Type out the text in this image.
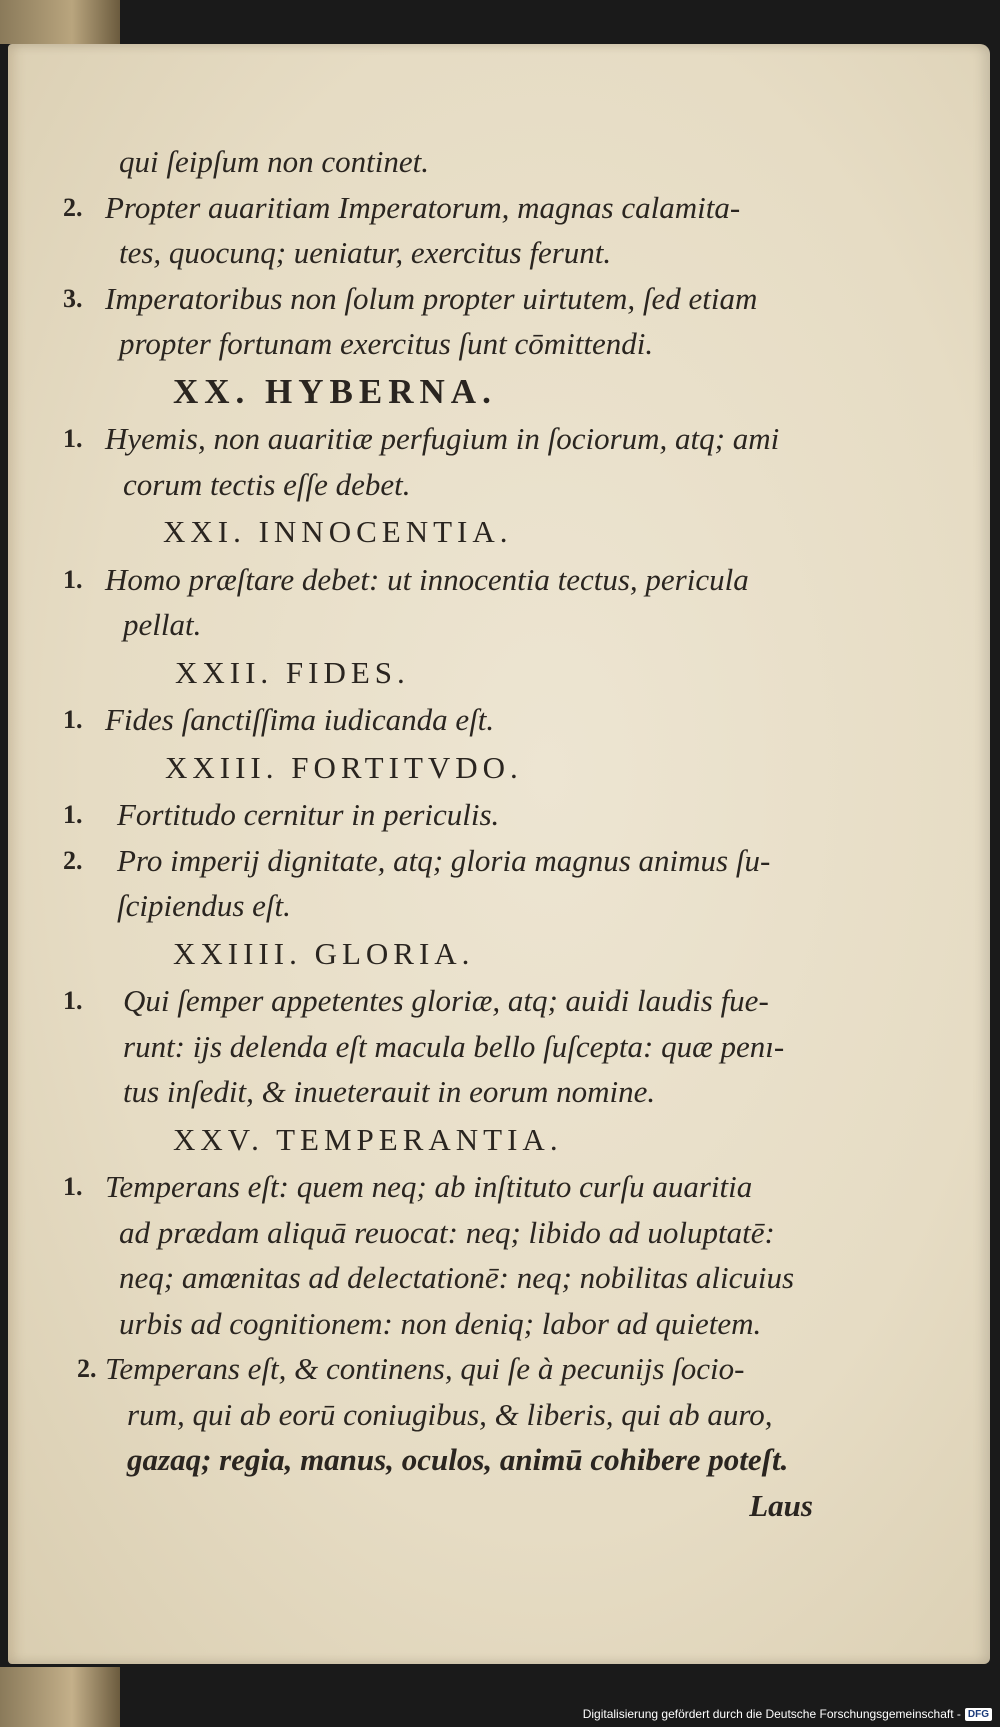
qui ſeipſum non continet.
2. Propter auaritiam Imperatorum, magnas calamita-
tes, quocunq; ueniatur, exercitus ferunt.
3. Imperatoribus non ſolum propter uirtutem, ſed etiam
propter fortunam exercitus ſunt cōmittendi.
XX. HYBERNA.
1. Hyemis, non auaritiæ perfugium in ſociorum, atq; ami
corum tectis eſſe debet.
XXI. INNOCENTIA.
1. Homo præſtare debet: ut innocentia tectus, pericula
pellat.
XXII. FIDES.
1. Fides ſanctiſſima iudicanda eſt.
XXIII. FORTITVDO.
1.	Fortitudo cernitur in periculis.
2.	Pro imperij dignitate, atq; gloria magnus animus ſu-
ſcipiendus eſt.
XXIIII. GLORIA.
1.	Qui ſemper appetentes gloriæ, atq; auidi laudis fue-
runt: ijs delenda eſt macula bello ſuſcepta: quæ penı-
tus inſedit, & inueterauit in eorum nomine.
XXV. TEMPERANTIA.
1. Temperans eſt: quem neq; ab inſtituto curſu auaritia
ad prædam aliquā reuocat: neq; libido ad uoluptatē:
neq; amœnitas ad delectationē: neq; nobilitas alicuius
urbis ad cognitionem: non deniq; labor ad quietem.
2. Temperans eſt, & continens, qui ſe à pecunijs ſocio-
rum, qui ab eorū coniugibus, & liberis, qui ab auro,
gazaq; regia, manus, oculos, animū cohibere poteſt.
Laus
Digitalisierung gefördert durch die Deutsche Forschungsgemeinschaft - DFG
